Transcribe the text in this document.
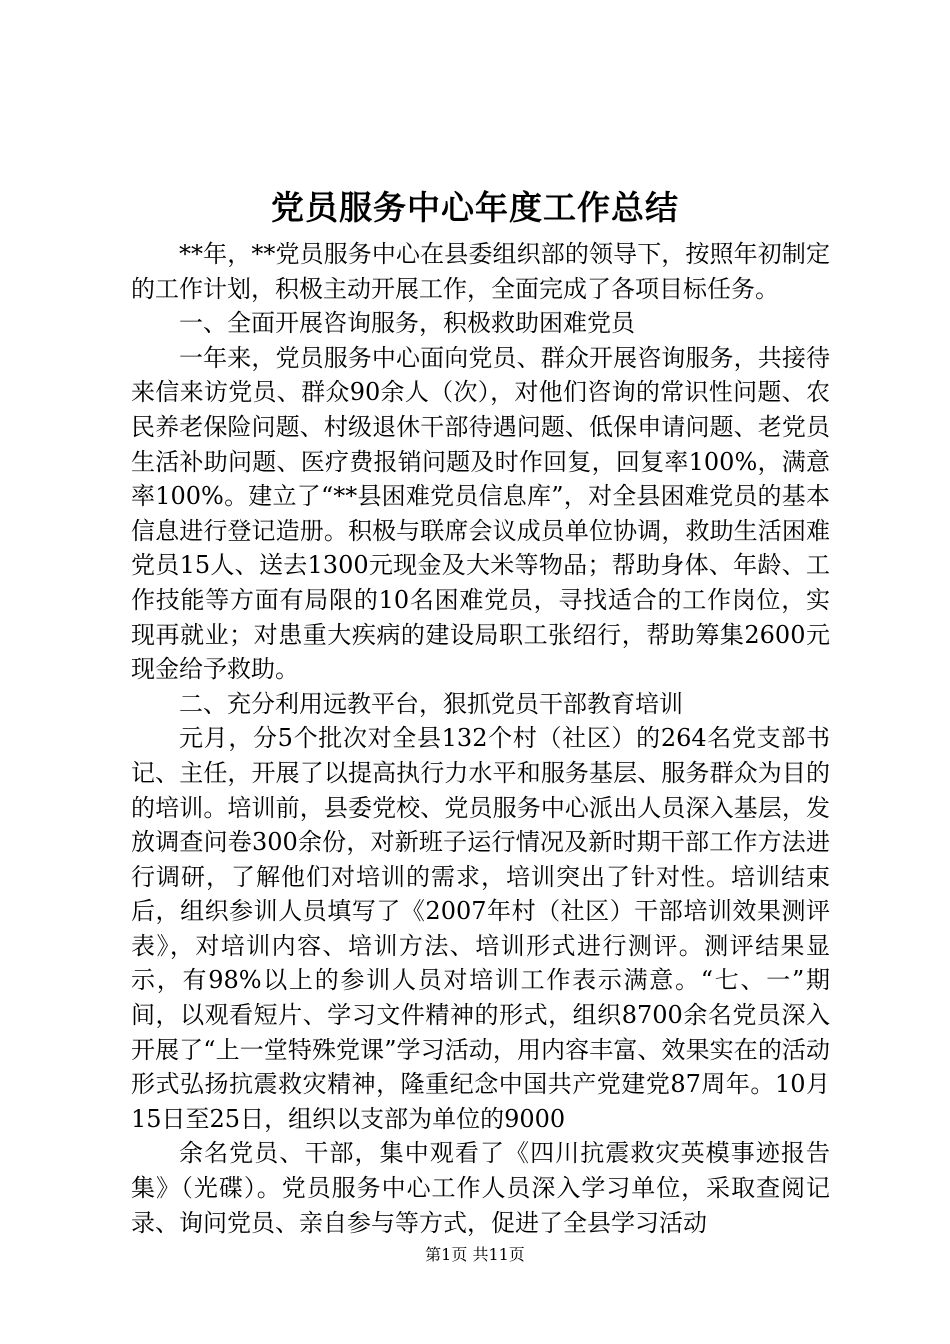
党员服务中心年度工作总结

**年，**党员服务中心在县委组织部的领导下，按照年初制定的工作计划，积极主动开展工作，全面完成了各项目标任务。

一、全面开展咨询服务，积极救助困难党员

一年来，党员服务中心面向党员、群众开展咨询服务，共接待来信来访党员、群众90余人（次），对他们咨询的常识性问题、农民养老保险问题、村级退休干部待遇问题、低保申请问题、老党员生活补助问题、医疗费报销问题及时作回复，回复率100%，满意率100%。建立了“**县困难党员信息库”，对全县困难党员的基本信息进行登记造册。积极与联席会议成员单位协调，救助生活困难党员15人、送去1300元现金及大米等物品；帮助身体、年龄、工作技能等方面有局限的10名困难党员，寻找适合的工作岗位，实现再就业；对患重大疾病的建设局职工张绍行，帮助筹集2600元现金给予救助。

二、充分利用远教平台，狠抓党员干部教育培训

元月，分5个批次对全县132个村（社区）的264名党支部书记、主任，开展了以提高执行力水平和服务基层、服务群众为目的的培训。培训前，县委党校、党员服务中心派出人员深入基层，发放调查问卷300余份，对新班子运行情况及新时期干部工作方法进行调研，了解他们对培训的需求，培训突出了针对性。培训结束后，组织参训人员填写了《2007年村（社区）干部培训效果测评表》，对培训内容、培训方法、培训形式进行测评。测评结果显示，有98%以上的参训人员对培训工作表示满意。“七、一”期间，以观看短片、学习文件精神的形式，组织8700余名党员深入开展了“上一堂特殊党课”学习活动，用内容丰富、效果实在的活动形式弘扬抗震救灾精神，隆重纪念中国共产党建党87周年。10月15日至25日，组织以支部为单位的9000

余名党员、干部，集中观看了《四川抗震救灾英模事迹报告集》（光碟）。党员服务中心工作人员深入学习单位，采取查阅记录、询问党员、亲自参与等方式，促进了全县学习活动

第1页 共11页
